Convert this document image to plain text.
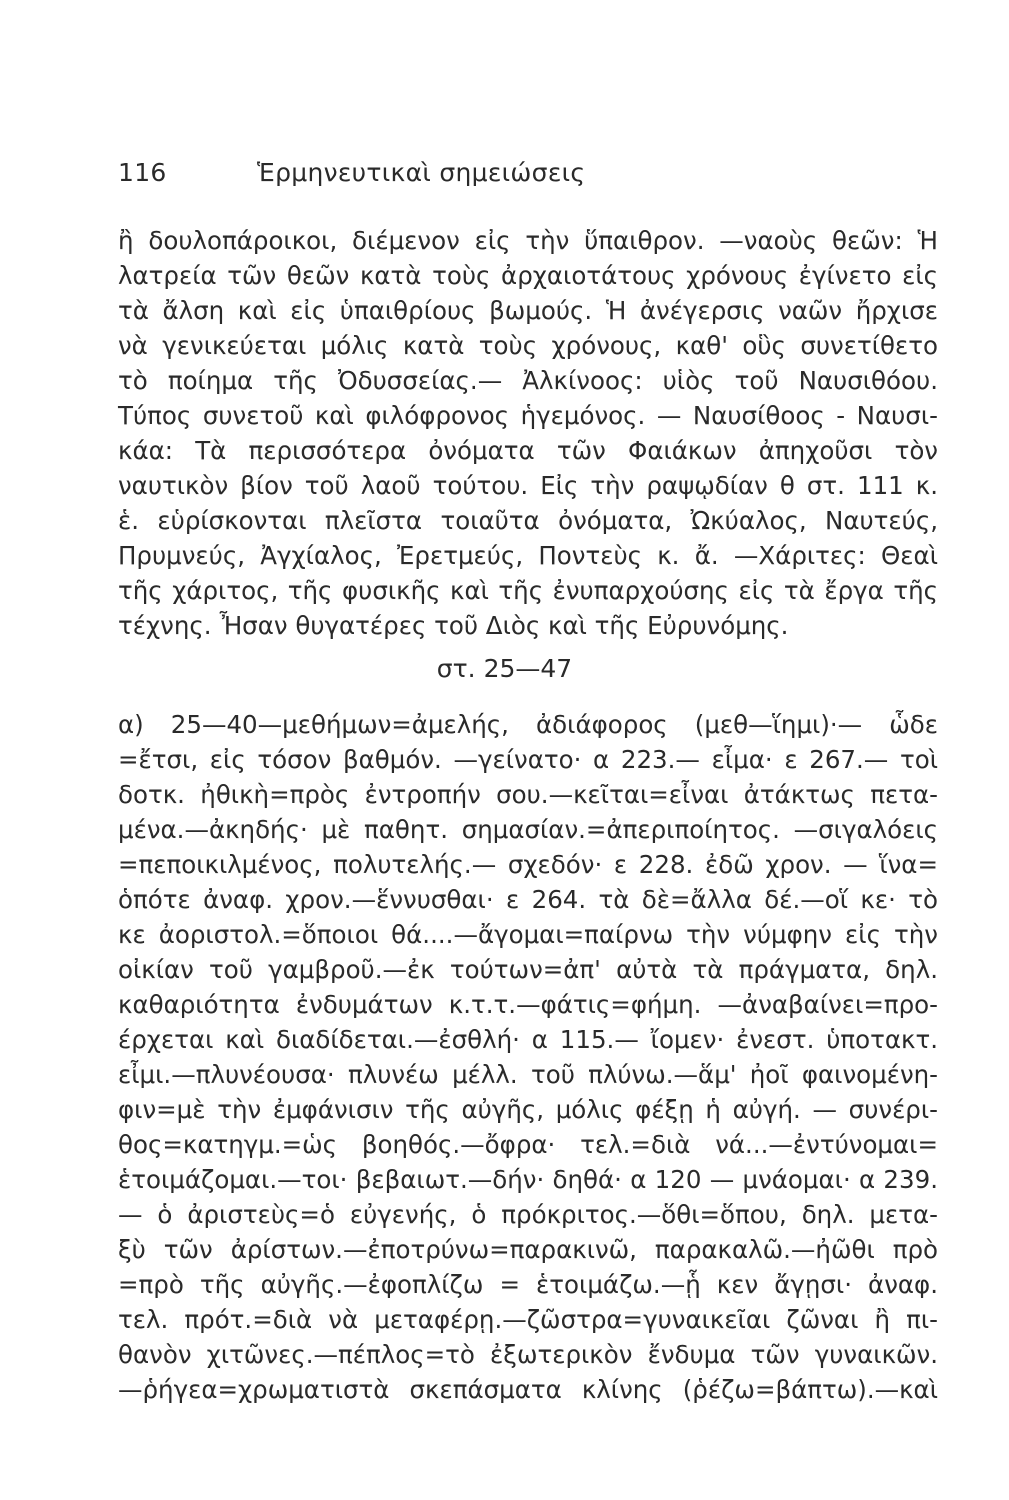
116	Ἑρμηνευτικαὶ σημειώσεις
ἢ δουλοπάροικοι, διέμενον εἰς τὴν ὕπαιθρον. —ναοὺς θεῶν: Ἡ
λατρεία τῶν θεῶν κατὰ τοὺς ἀρχαιοτάτους χρόνους ἐγίνετο εἰς
τὰ ἄλση καὶ εἰς ὑπαιθρίους βωμούς. Ἡ ἀνέγερσις ναῶν ἤρχισε
νὰ γενικεύεται μόλις κατὰ τοὺς χρόνους, καθ' οὓς συνετίθετο
τὸ ποίημα τῆς Ὀδυσσείας.— Ἀλκίνοος: υἱὸς τοῦ Ναυσιθόου.
Τύπος συνετοῦ καὶ φιλόφρονος ἡγεμόνος. — Ναυσίθοος - Ναυσι-
κάα: Τὰ περισσότερα ὀνόματα τῶν Φαιάκων ἀπηχοῦσι τὸν
ναυτικὸν βίον τοῦ λαοῦ τούτου. Εἰς τὴν ραψῳδίαν θ στ. 111 κ.
ἑ. εὑρίσκονται πλεῖστα τοιαῦτα ὀνόματα, Ὠκύαλος, Ναυτεύς,
Πρυμνεύς, Ἀγχίαλος, Ἐρετμεύς, Ποντεὺς κ. ἄ. —Χάριτες: Θεαὶ
τῆς χάριτος, τῆς φυσικῆς καὶ τῆς ἐνυπαρχούσης εἰς τὰ ἔργα τῆς
τέχνης. Ἦσαν θυγατέρες τοῦ Διὸς καὶ τῆς Εὐρυνόμης.
στ. 25—47
α) 25—40—μεθήμων=ἀμελής, ἀδιάφορος (μεθ—ἵημι)·— ὧδε
=ἔτσι, εἰς τόσον βαθμόν. —γείνατο· α 223.— εἶμα· ε 267.— τοὶ
δοτκ. ἠθικὴ=πρὸς ἐντροπήν σου.—κεῖται=εἶναι ἀτάκτως πετα-
μένα.—ἀκηδής· μὲ παθητ. σημασίαν.=ἀπεριποίητος. —σιγαλόεις
=πεποικιλμένος, πολυτελής.— σχεδόν· ε 228. ἐδῶ χρον. — ἵνα=
ὁπότε ἀναφ. χρον.—ἕννυσθαι· ε 264. τὰ δὲ=ἄλλα δέ.—οἵ κε· τὸ
κε ἀοριστολ.=ὅποιοι θά....—ἄγομαι=παίρνω τὴν νύμφην εἰς τὴν
οἰκίαν τοῦ γαμβροῦ.—ἐκ τούτων=ἀπ' αὐτὰ τὰ πράγματα, δηλ.
καθαριότητα ἐνδυμάτων κ.τ.τ.—φάτις=φήμη. —ἀναβαίνει=προ-
έρχεται καὶ διαδίδεται.—ἐσθλή· α 115.— ἴομεν· ἐνεστ. ὑποτακτ.
εἶμι.—πλυνέουσα· πλυνέω μέλλ. τοῦ πλύνω.—ἅμ' ἠοῖ φαινομένη-
φιν=μὲ τὴν ἐμφάνισιν τῆς αὐγῆς, μόλις φέξῃ ἡ αὐγή. — συνέρι-
θος=κατηγμ.=ὡς βοηθός.—ὄφρα· τελ.=διὰ νά...—ἐντύνομαι=
ἑτοιμάζομαι.—τοι· βεβαιωτ.—δήν· δηθά· α 120 — μνάομαι· α 239.
— ὁ ἀριστεὺς=ὁ εὐγενής, ὁ πρόκριτος.—ὅθι=ὅπου, δηλ. μετα-
ξὺ τῶν ἀρίστων.—ἐποτρύνω=παρακινῶ, παρακαλῶ.—ἠῶθι πρὸ
=πρὸ τῆς αὐγῆς.—ἐφοπλίζω = ἑτοιμάζω.—ᾗ κεν ἄγῃσι· ἀναφ.
τελ. πρότ.=διὰ νὰ μεταφέρῃ.—ζῶστρα=γυναικεῖαι ζῶναι ἢ πι-
θανὸν χιτῶνες.—πέπλος=τὸ ἐξωτερικὸν ἔνδυμα τῶν γυναικῶν.
—ῥήγεα=χρωματιστὰ σκεπάσματα κλίνης (ῥέζω=βάπτω).—καὶ
